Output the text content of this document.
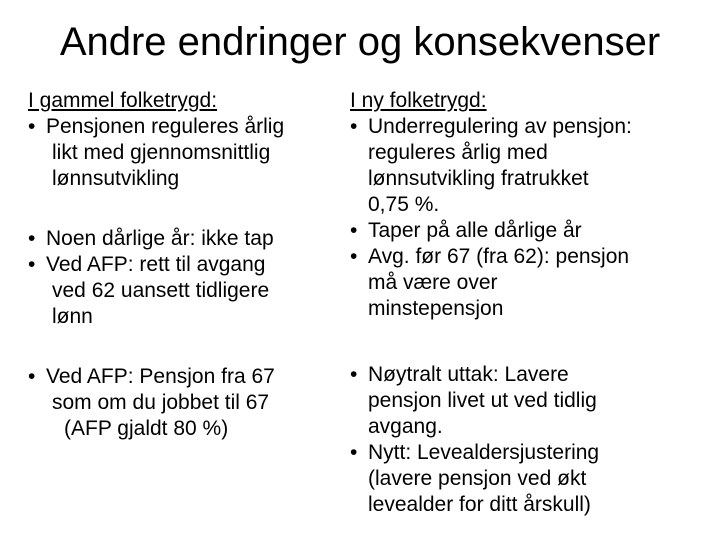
Andre endringer og konsekvenser
I gammel folketrygd:
• Pensjonen reguleres årlig
likt med gjennomsnittlig
lønnsutvikling
• Noen dårlige år: ikke tap
• Ved AFP: rett til avgang
ved 62 uansett tidligere
lønn
• Ved AFP: Pensjon fra 67
som om du jobbet til 67
(AFP gjaldt 80 %)
I ny folketrygd:
• Underregulering av pensjon:
reguleres årlig med
lønnsutvikling fratrukket
0,75 %.
• Taper på alle dårlige år
• Avg. før 67 (fra 62): pensjon
må være over
minstepensjon
• Nøytralt uttak: Lavere
pensjon livet ut ved tidlig
avgang.
• Nytt: Levealdersjustering
(lavere pensjon ved økt
levealder for ditt årskull)
